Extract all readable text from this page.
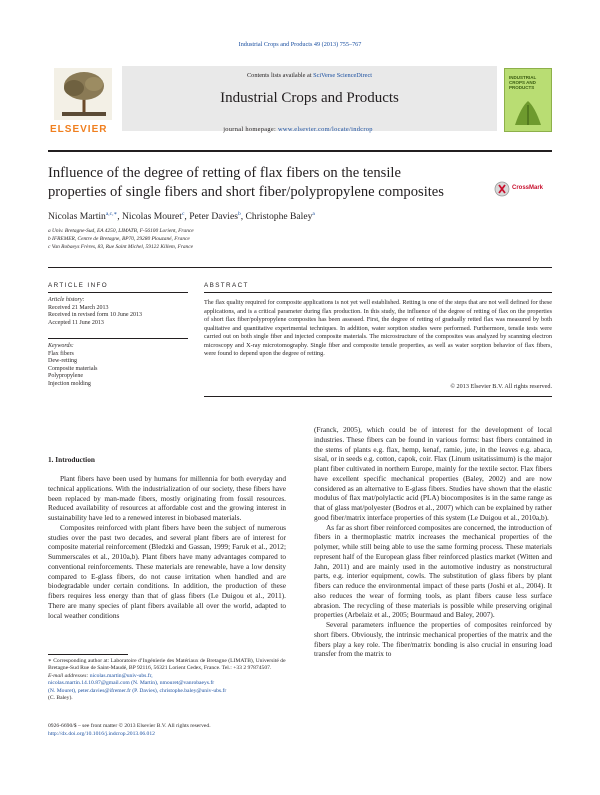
Industrial Crops and Products 49 (2013) 755–767
ELSEVIER
Contents lists available at SciVerse ScienceDirect
Industrial Crops and Products
journal homepage: www.elsevier.com/locate/indcrop
INDUSTRIAL CROPS AND PRODUCTS
Influence of the degree of retting of flax fibers on the tensile
properties of single fibers and short fiber/polypropylene composites	CrossMark
Nicolas Martin$^{a,c,∗}$, Nicolas Mouret$^c$, Peter Davies$^b$, Christophe Baley$^a$
a Univ. Bretagne-Sud, EA 4250, LIMATB, F-56100 Lorient, France
b IFREMER, Centre de Bretagne, BP70, 29280 Plouzané, France
c Van Robaeys Frères, 83, Rue Saint Michel, 59122 Killem, France
ARTICLE INFO	ABSTRACT
Article history:
Received 21 March 2013
Received in revised form 10 June 2013
Accepted 11 June 2013
Keywords:
Flax fibers
Dew-retting
Composite materials
Polypropylene
Injection molding
The flax quality required for composite applications is not yet well established. Retting is one of the steps that are not well defined for these applications, and is a critical parameter during flax production. In this study, the influence of the degree of retting of flax on the properties of short flax fiber/polypropylene composites has been assessed. First, the degree of retting of gradually retted flax was measured by both qualitative and quantitative experimental techniques. In addition, water sorption studies were performed. Furthermore, tensile tests were carried out on both single fiber and injected composite materials. The microstructure of the composites was analyzed by scanning electron microscopy and X-ray microtomography. Single fiber and composite tensile properties, as well as water sorption behavior of flax fibers, were found to depend upon the degree of retting.
© 2013 Elsevier B.V. All rights reserved.
1. Introduction

Plant fibers have been used by humans for millennia for both everyday and technical applications. With the industrialization of our society, these fibers have been replaced by man-made fibers, mostly originating from fossil resources. Reduced availability of resources at affordable cost and the growing interest in sustainability have led to a renewed interest in biobased materials.

Composites reinforced with plant fibers have been the subject of numerous studies over the past two decades, and several plant fibers are of interest for composite material reinforcement (Bledzki and Gassan, 1999; Faruk et al., 2012; Summerscales et al., 2010a,b). Plant fibers have many advantages compared to conventional reinforcements. These materials are renewable, have a low density compared to E-glass fibers, do not cause irritation when handled and are biodegradable under certain conditions. In addition, the production of these fibers requires less energy than that of glass fibers (Le Duigou et al., 2011). There are many species of plant fibers available all over the world, adapted to local weather conditions

(Franck, 2005), which could be of interest for the development of local industries. These fibers can be found in various forms: bast fibers contained in the stems of plants e.g. flax, hemp, kenaf, ramie, jute, in the leaves e.g. abaca, sisal, or in seeds e.g. cotton, capok, coir. Flax (Linum usitatissimum) is the major plant fiber cultivated in northern Europe, mainly for the textile sector. Flax fibers have excellent specific mechanical properties (Baley, 2002) and are now considered as an alternative to E-glass fibers. Studies have shown that the elastic modulus of flax mat/polylactic acid (PLA) biocomposites is in the same range as that of glass mat/polyester (Bodros et al., 2007) which can be explained by rather good fiber/matrix interface properties of this system (Le Duigou et al., 2010a,b).

As far as short fiber reinforced composites are concerned, the introduction of fibers in a thermoplastic matrix increases the mechanical properties of the polymer, while still being able to use the same forming process. These materials represent half of the European glass fiber reinforced plastics market (Witten and Jahn, 2011) and are mainly used in the automotive industry as nonstructural parts, e.g. interior equipment, cowls. The substitution of glass fibers by plant fibers can reduce the environmental impact of these parts (Joshi et al., 2004). It also reduces the wear of forming tools, as plant fibers cause less surface abrasion. The recycling of these materials is possible while preserving original properties (Arbelaiz et al., 2005; Bourmaud and Baley, 2007).

Several parameters influence the properties of composites reinforced by short fibers. Obviously, the intrinsic mechanical properties of the matrix and the fibers play a key role. The fiber/matrix bonding is also crucial in ensuring load transfer from the matrix to

∗ Corresponding author at: Laboratoire d’Ingénierie des Matériaux de Bretagne (LIMATB), Université de Bretagne-Sud Rue de Saint-Maudé, BP 92116, 56321 Lorient Cedex, France. Tel.: +33 2 97874507.
E-mail addresses: nicolas.martin@univ-ubs.fr,
nicolas.martin.14.10.87@gmail.com (N. Martin), nmouret@vanrobaeys.fr
(N. Mouret), peter.davies@ifremer.fr (P. Davies), christophe.baley@univ-ubs.fr
(C. Baley).
0926-6690/$ – see front matter © 2013 Elsevier B.V. All rights reserved.
http://dx.doi.org/10.1016/j.indcrop.2013.06.012
